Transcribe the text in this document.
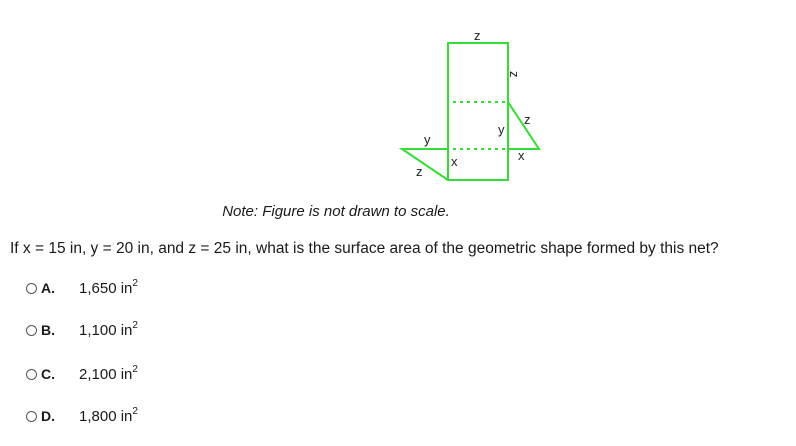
z
z
z
y
x
y
z
x
Note: Figure is not drawn to scale.
If x = 15 in, y = 20 in, and z = 25 in, what is the surface area of the geometric shape formed by this net?
A.	1,650 $in^2$
B.	1,100 $in^2$
C.	2,100 $in^2$
D.	1,800 $in^2$
